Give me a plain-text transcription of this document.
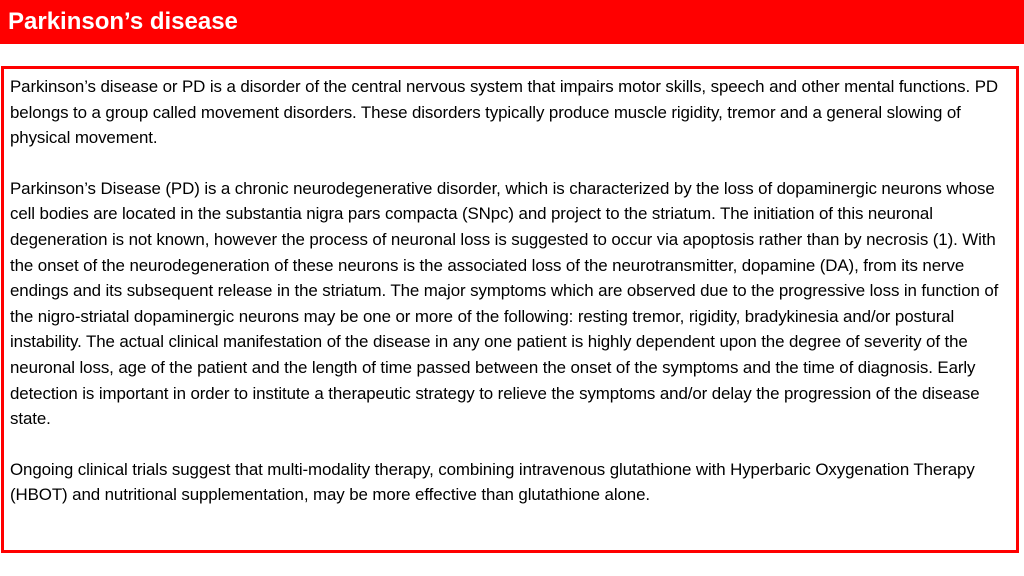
Parkinson’s disease

Parkinson’s disease or PD is a disorder of the central nervous system that impairs motor skills, speech and other mental functions. PD belongs to a group called movement disorders. These disorders typically produce muscle rigidity, tremor and a general slowing of physical movement.

Parkinson’s Disease (PD) is a chronic neurodegenerative disorder, which is characterized by the loss of dopaminergic neurons whose cell bodies are located in the substantia nigra pars compacta (SNpc) and project to the striatum. The initiation of this neuronal degeneration is not known, however the process of neuronal loss is suggested to occur via apoptosis rather than by necrosis (1). With the onset of the neurodegeneration of these neurons is the associated loss of the neurotransmitter, dopamine (DA), from its nerve endings and its subsequent release in the striatum. The major symptoms which are observed due to the progressive loss in function of the nigro-striatal dopaminergic neurons may be one or more of the following: resting tremor, rigidity, bradykinesia and/or postural instability. The actual clinical manifestation of the disease in any one patient is highly dependent upon the degree of severity of the neuronal loss, age of the patient and the length of time passed between the onset of the symptoms and the time of diagnosis. Early detection is important in order to institute a therapeutic strategy to relieve the symptoms and/or delay the progression of the disease state.

Ongoing clinical trials suggest that multi-modality therapy, combining intravenous glutathione with Hyperbaric Oxygenation Therapy (HBOT) and nutritional supplementation, may be more effective than glutathione alone.
